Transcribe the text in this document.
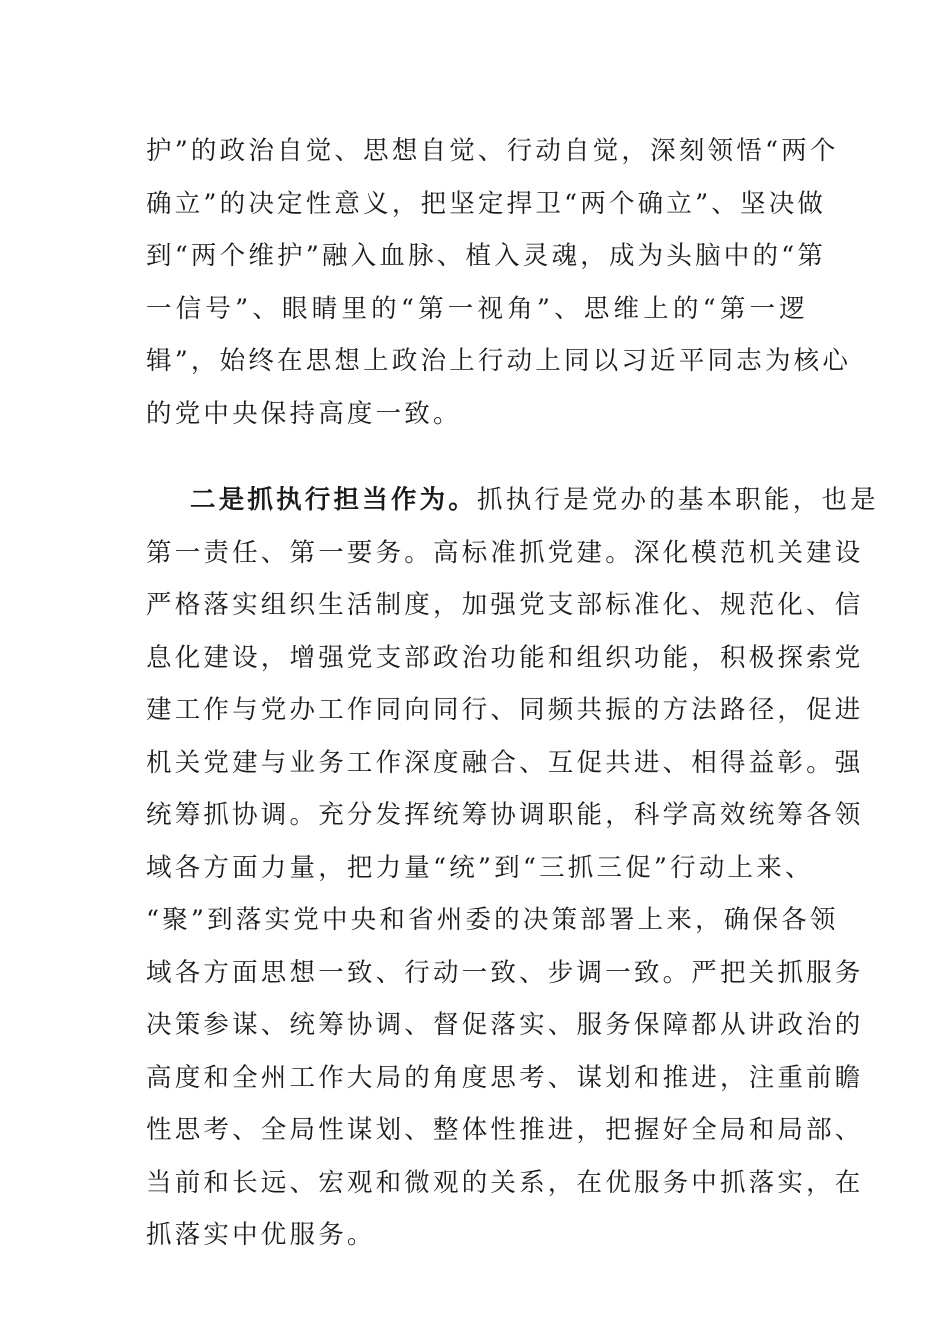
护”的政治自觉、思想自觉、行动自觉，深刻领悟“两个
确立”的决定性意义，把坚定捍卫“两个确立”、坚决做
到“两个维护”融入血脉、植入灵魂，成为头脑中的“第
一信号”、眼睛里的“第一视角”、思维上的“第一逻
辑”，始终在思想上政治上行动上同以习近平同志为核心
的党中央保持高度一致。
二是抓执行担当作为。抓执行是党办的基本职能，也是
第一责任、第一要务。高标准抓党建。深化模范机关建设
严格落实组织生活制度，加强党支部标准化、规范化、信
息化建设，增强党支部政治功能和组织功能，积极探索党
建工作与党办工作同向同行、同频共振的方法路径，促进
机关党建与业务工作深度融合、互促共进、相得益彰。强
统筹抓协调。充分发挥统筹协调职能，科学高效统筹各领
域各方面力量，把力量“统”到“三抓三促”行动上来、
“聚”到落实党中央和省州委的决策部署上来，确保各领
域各方面思想一致、行动一致、步调一致。严把关抓服务
决策参谋、统筹协调、督促落实、服务保障都从讲政治的
高度和全州工作大局的角度思考、谋划和推进，注重前瞻
性思考、全局性谋划、整体性推进，把握好全局和局部、
当前和长远、宏观和微观的关系，在优服务中抓落实，在
抓落实中优服务。
